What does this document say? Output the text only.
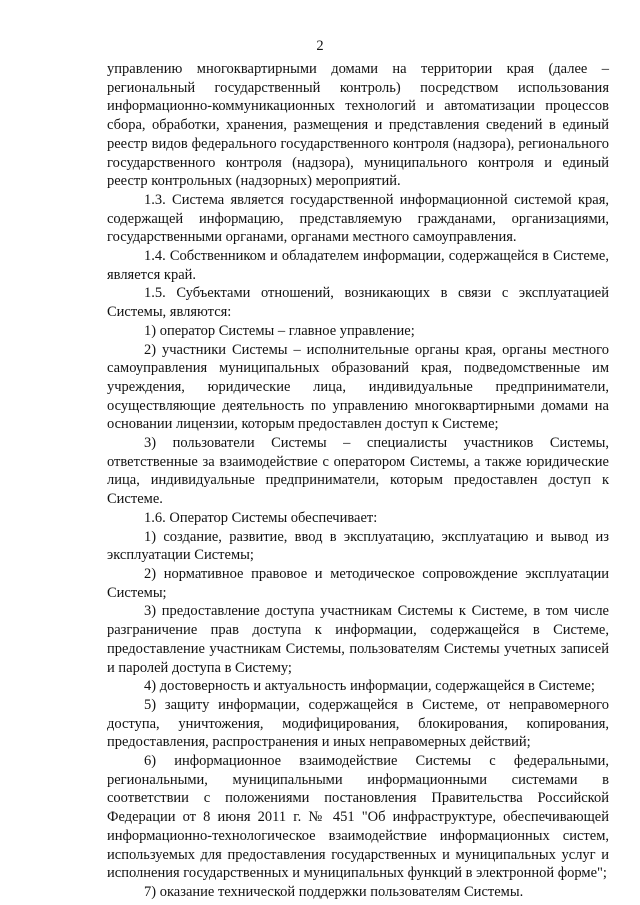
2

управлению многоквартирными домами на территории края (далее – региональный государственный контроль) посредством использования информационно-коммуникационных технологий и автоматизации процессов сбора, обработки, хранения, размещения и представления сведений в единый реестр видов федерального государственного контроля (надзора), регионального государственного контроля (надзора), муниципального контроля и единый реестр контрольных (надзорных) мероприятий.

1.3. Система является государственной информационной системой края, содержащей информацию, представляемую гражданами, организациями, государственными органами, органами местного самоуправления.

1.4. Собственником и обладателем информации, содержащейся в Системе, является край.

1.5. Субъектами отношений, возникающих в связи с эксплуатацией Системы, являются:

1) оператор Системы – главное управление;

2) участники Системы – исполнительные органы края, органы местного самоуправления муниципальных образований края, подведомственные им учреждения, юридические лица, индивидуальные предприниматели, осуществляющие деятельность по управлению многоквартирными домами на основании лицензии, которым предоставлен доступ к Системе;

3) пользователи Системы – специалисты участников Системы, ответственные за взаимодействие с оператором Системы, а также юридические лица, индивидуальные предприниматели, которым предоставлен доступ к Системе.

1.6. Оператор Системы обеспечивает:

1) создание, развитие, ввод в эксплуатацию, эксплуатацию и вывод из эксплуатации Системы;

2) нормативное правовое и методическое сопровождение эксплуатации Системы;

3) предоставление доступа участникам Системы к Системе, в том числе разграничение прав доступа к информации, содержащейся в Системе, предоставление участникам Системы, пользователям Системы учетных записей и паролей доступа в Систему;

4) достоверность и актуальность информации, содержащейся в Системе;

5) защиту информации, содержащейся в Системе, от неправомерного доступа, уничтожения, модифицирования, блокирования, копирования, предоставления, распространения и иных неправомерных действий;

6) информационное взаимодействие Системы с федеральными, региональными, муниципальными информационными системами в соответствии с положениями постановления Правительства Российской Федерации от 8 июня 2011 г. № 451 "Об инфраструктуре, обеспечивающей информационно-технологическое взаимодействие информационных систем, используемых для предоставления государственных и муниципальных услуг и исполнения государственных и муниципальных функций в электронной форме";

7) оказание технической поддержки пользователям Системы.
